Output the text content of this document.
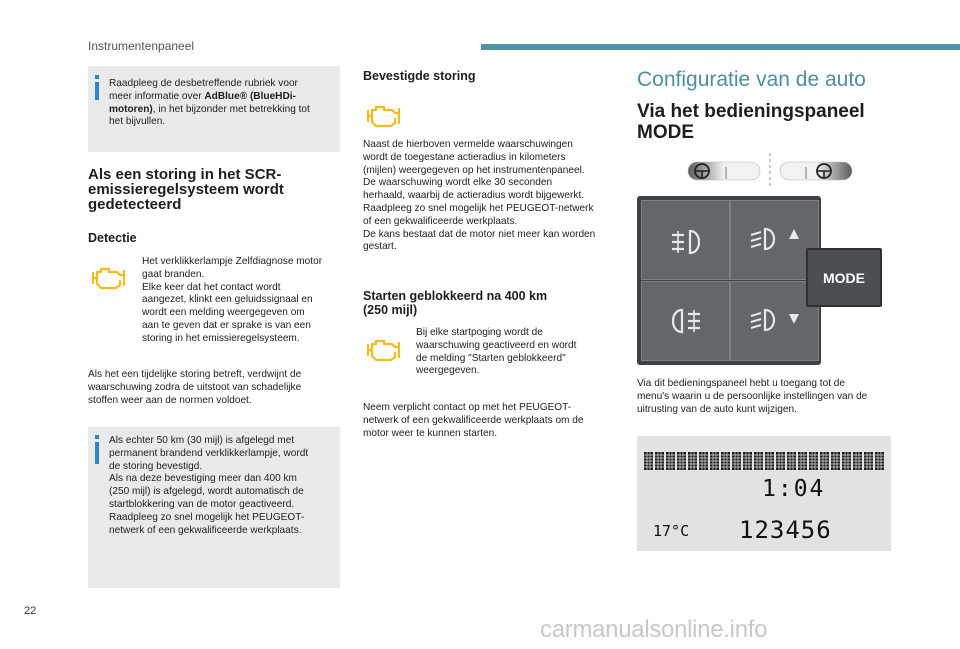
Instrumentenpaneel
Raadpleeg de desbetreffende rubriek voor
meer informatie over AdBlue® (BlueHDi-
motoren), in het bijzonder met betrekking tot
het bijvullen.
Als een storing in het SCR-
emissieregelsysteem wordt
gedetecteerd
Detectie
Het verklikkerlampje Zelfdiagnose motor
gaat branden.
Elke keer dat het contact wordt
aangezet, klinkt een geluidssignaal en
wordt een melding weergegeven om
aan te geven dat er sprake is van een
storing in het emissieregelsysteem.
Als het een tijdelijke storing betreft, verdwijnt de
waarschuwing zodra de uitstoot van schadelijke
stoffen weer aan de normen voldoet.
Als echter 50 km (30 mijl) is afgelegd met
permanent brandend verklikkerlampje, wordt
de storing bevestigd.
Als na deze bevestiging meer dan 400 km
(250 mijl) is afgelegd, wordt automatisch de
startblokkering van de motor geactiveerd.
Raadpleeg zo snel mogelijk het PEUGEOT-
netwerk of een gekwalificeerde werkplaats.
Bevestigde storing
Naast de hierboven vermelde waarschuwingen
wordt de toegestane actieradius in kilometers
(mijlen) weergegeven op het instrumentenpaneel.
De waarschuwing wordt elke 30 seconden
herhaald, waarbij de actieradius wordt bijgewerkt.
Raadpleeg zo snel mogelijk het PEUGEOT-netwerk
of een gekwalificeerde werkplaats.
De kans bestaat dat de motor niet meer kan worden
gestart.
Starten geblokkeerd na 400 km
(250 mijl)
Bij elke startpoging wordt de
waarschuwing geactiveerd en wordt
de melding "Starten geblokkeerd"
weergegeven.
Neem verplicht contact op met het PEUGEOT-
netwerk of een gekwalificeerde werkplaats om de
motor weer te kunnen starten.
Configuratie van de auto
Via het bedieningspaneel
MODE
MODE
Via dit bedieningspaneel hebt u toegang tot de
menu's waarin u de persoonlijke instellingen van de
uitrusting van de auto kunt wijzigen.
1:04
17°C 123456
22
carmanualsonline.info
